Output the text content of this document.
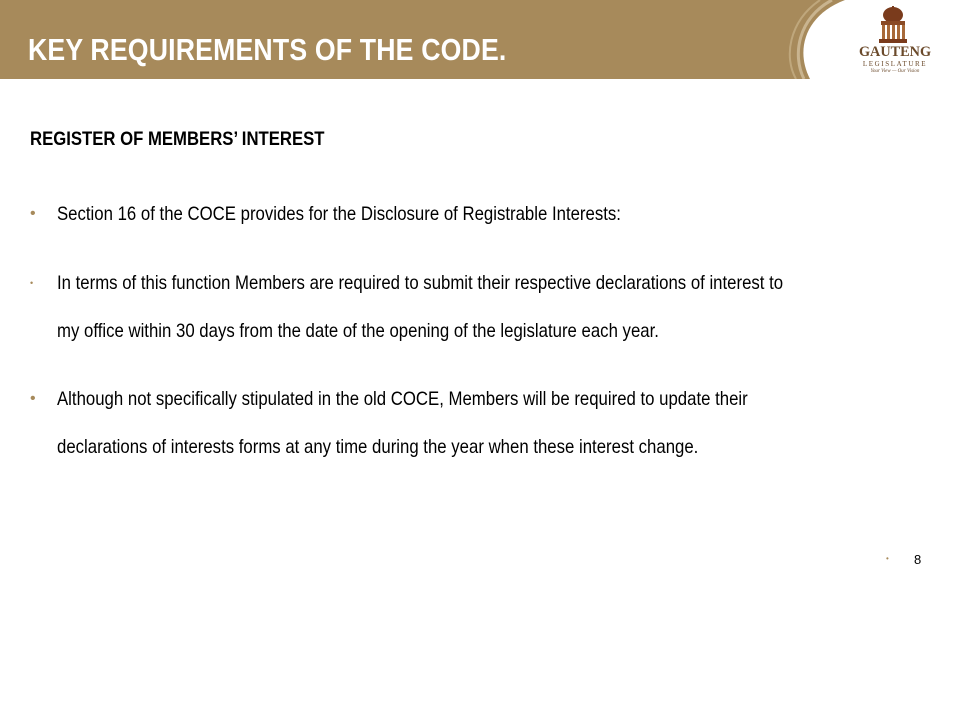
KEY REQUIREMENTS OF THE CODE.	GAUTENG
LEGISLATURE
Your View — Our Vision
REGISTER OF MEMBERS’ INTEREST
• Section 16 of the COCE provides for the Disclosure of Registrable Interests:
• In terms of this function Members are required to submit their respective declarations of interest to
my office within 30 days from the date of the opening of the legislature each year.
• Although not specifically stipulated in the old COCE, Members will be required to update their
declarations of interests forms at any time during the year when these interest change.
• 8
